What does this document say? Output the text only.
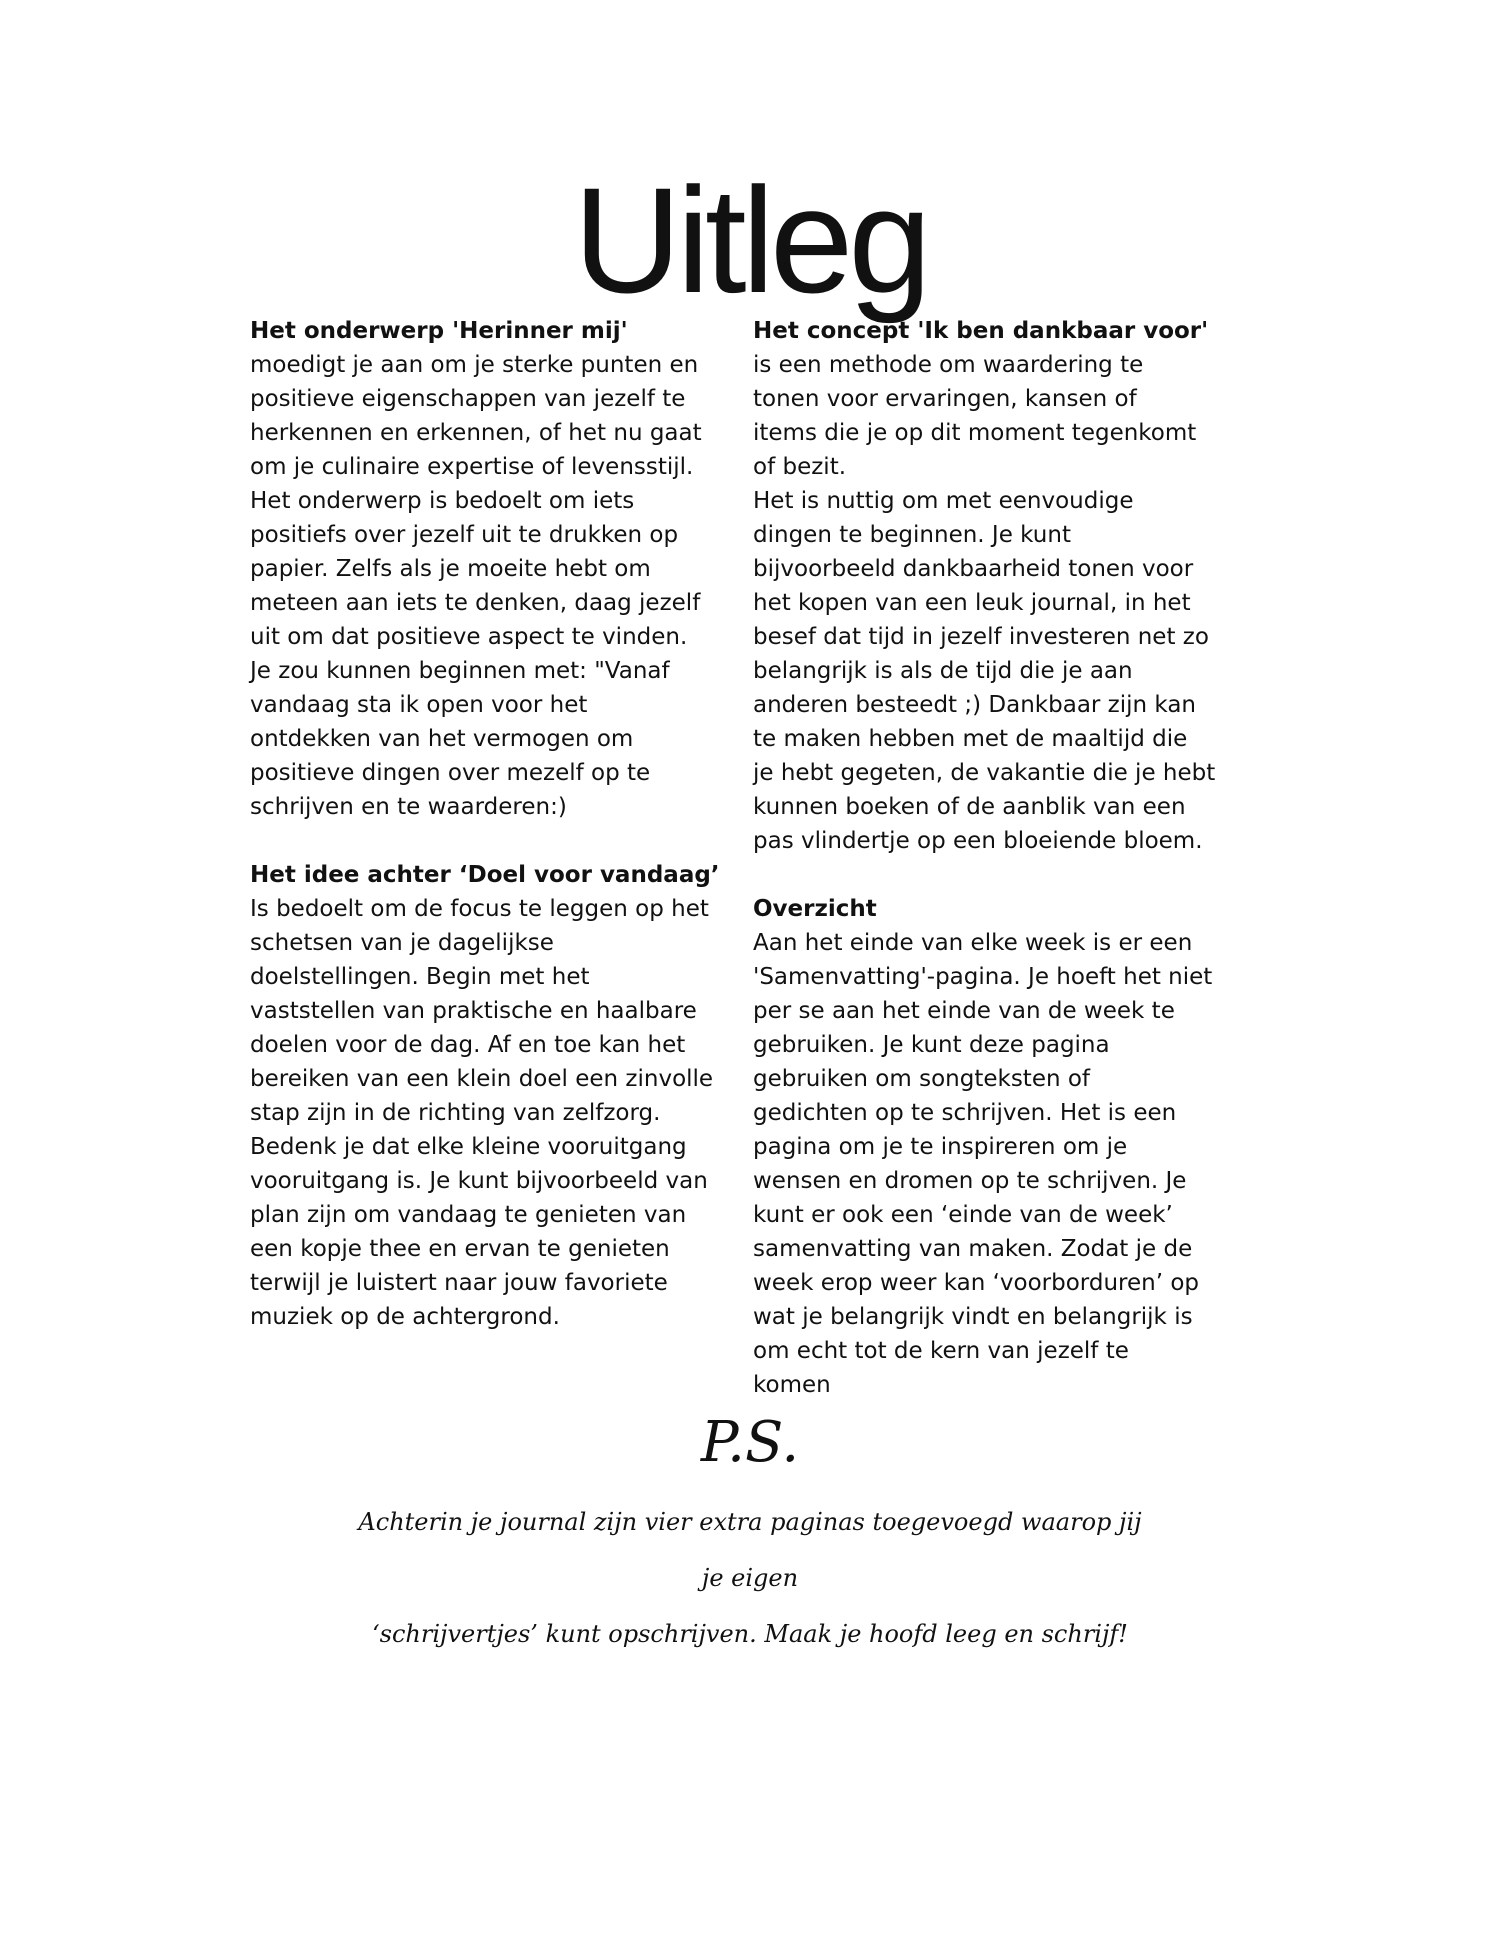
Uitleg
Het onderwerp 'Herinner mij'
moedigt je aan om je sterke punten en
positieve eigenschappen van jezelf te
herkennen en erkennen, of het nu gaat
om je culinaire expertise of levensstijl.
Het onderwerp is bedoelt om iets
positiefs over jezelf uit te drukken op
papier. Zelfs als je moeite hebt om
meteen aan iets te denken, daag jezelf
uit om dat positieve aspect te vinden.
Je zou kunnen beginnen met: "Vanaf
vandaag sta ik open voor het
ontdekken van het vermogen om
positieve dingen over mezelf op te
schrijven en te waarderen:)
Het idee achter ‘Doel voor vandaag’
Is bedoelt om de focus te leggen op het
schetsen van je dagelijkse
doelstellingen. Begin met het
vaststellen van praktische en haalbare
doelen voor de dag. Af en toe kan het
bereiken van een klein doel een zinvolle
stap zijn in de richting van zelfzorg.
Bedenk je dat elke kleine vooruitgang
vooruitgang is. Je kunt bijvoorbeeld van
plan zijn om vandaag te genieten van
een kopje thee en ervan te genieten
terwijl je luistert naar jouw favoriete
muziek op de achtergrond.
Het concept 'Ik ben dankbaar voor'
is een methode om waardering te
tonen voor ervaringen, kansen of
items die je op dit moment tegenkomt
of bezit.
Het is nuttig om met eenvoudige
dingen te beginnen. Je kunt
bijvoorbeeld dankbaarheid tonen voor
het kopen van een leuk journal, in het
besef dat tijd in jezelf investeren net zo
belangrijk is als de tijd die je aan
anderen besteedt ;) Dankbaar zijn kan
te maken hebben met de maaltijd die
je hebt gegeten, de vakantie die je hebt
kunnen boeken of de aanblik van een
pas vlindertje op een bloeiende bloem.
Overzicht
Aan het einde van elke week is er een
'Samenvatting'-pagina. Je hoeft het niet
per se aan het einde van de week te
gebruiken. Je kunt deze pagina
gebruiken om songteksten of
gedichten op te schrijven. Het is een
pagina om je te inspireren om je
wensen en dromen op te schrijven. Je
kunt er ook een ‘einde van de week’
samenvatting van maken. Zodat je de
week erop weer kan ‘voorborduren’ op
wat je belangrijk vindt en belangrijk is
om echt tot de kern van jezelf te
komen
P.S.
Achterin je journal zijn vier extra paginas toegevoegd waarop jij je eigen
‘schrijvertjes’ kunt opschrijven. Maak je hoofd leeg en schrijf!
